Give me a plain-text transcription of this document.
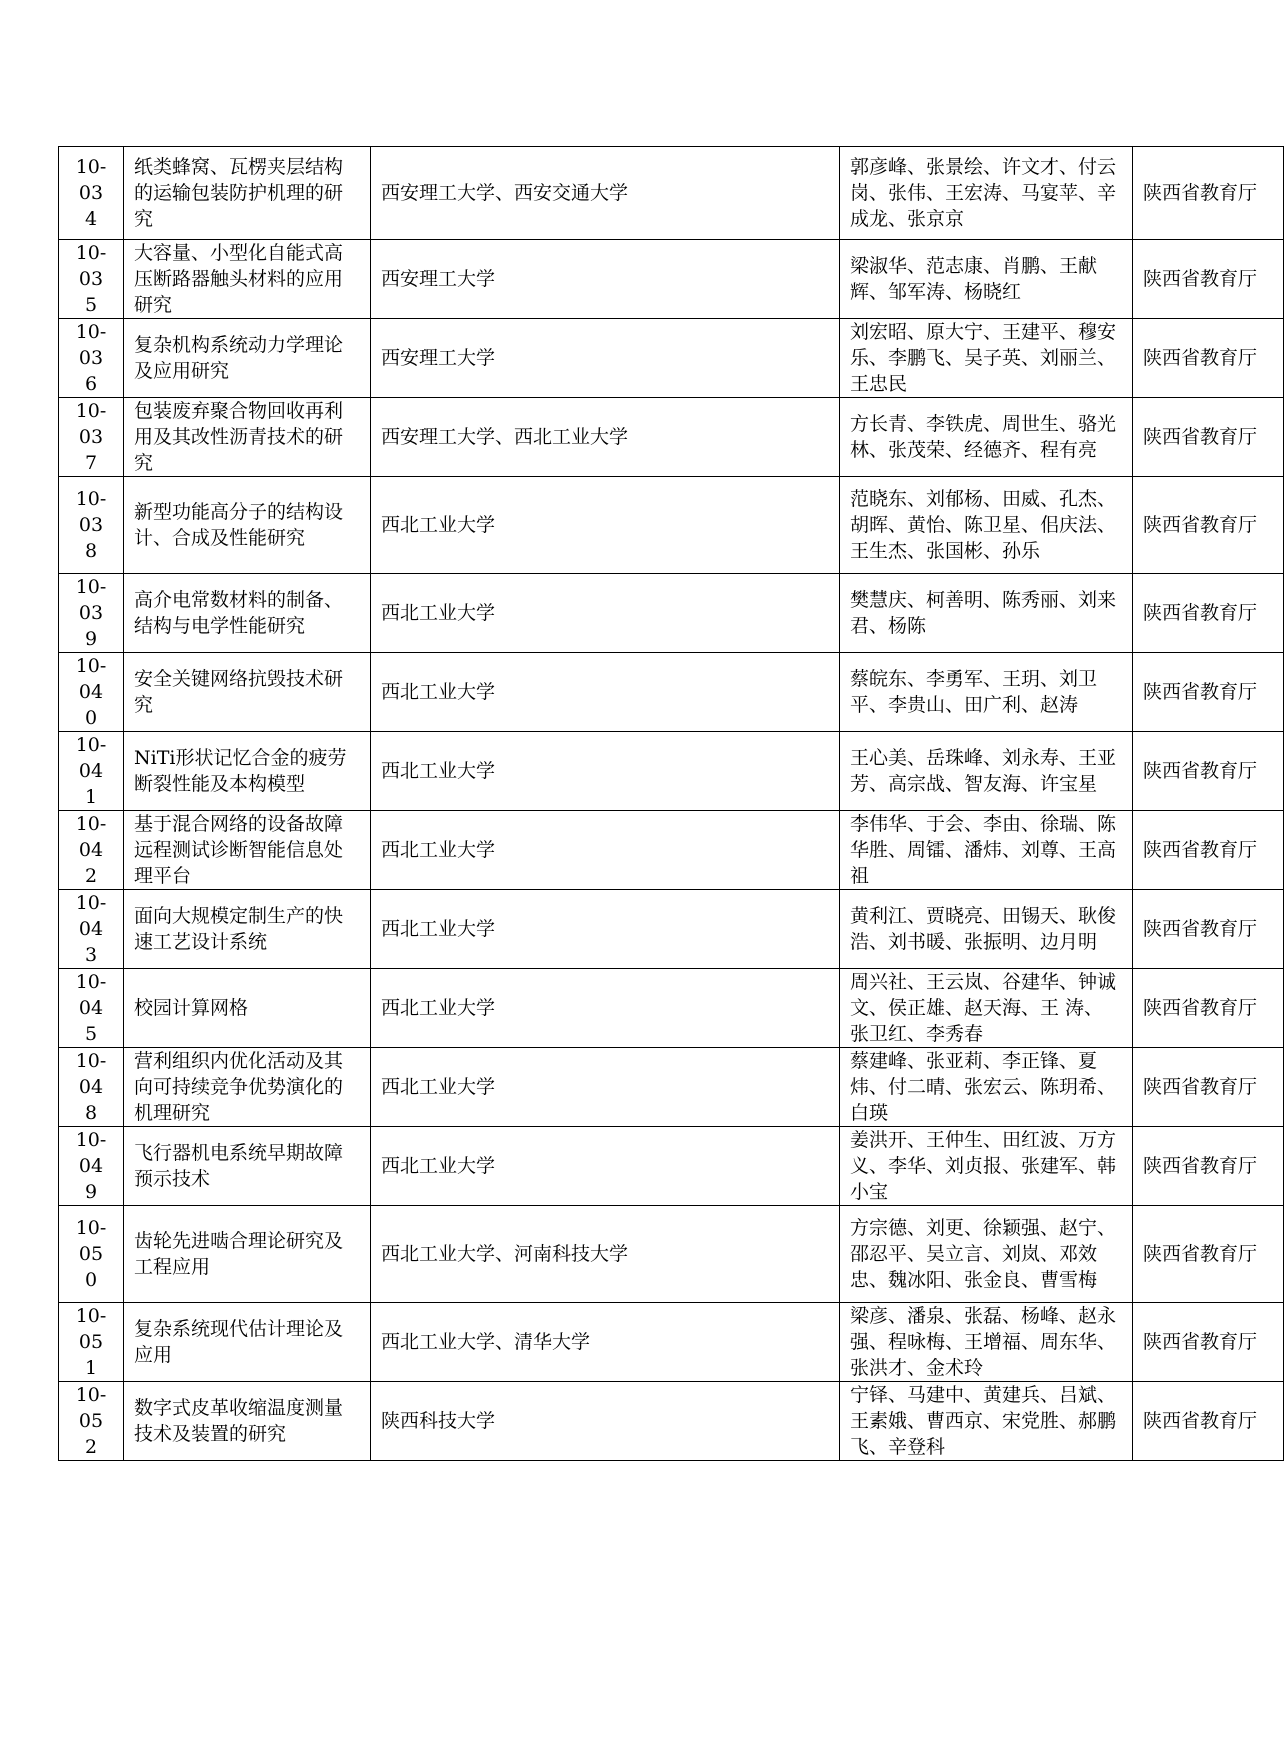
10-
03
4	纸类蜂窝、瓦楞夹层结构的运输包装防护机理的研究	西安理工大学、西安交通大学	郭彦峰、张景绘、许文才、付云岗、张伟、王宏涛、马宴苹、辛成龙、张京京	陕西省教育厅

10-
03
5	大容量、小型化自能式高压断路器触头材料的应用研究	西安理工大学	梁淑华、范志康、肖鹏、王献辉、邹军涛、杨晓红	陕西省教育厅

10-
03
6	复杂机构系统动力学理论及应用研究	西安理工大学	刘宏昭、原大宁、王建平、穆安乐、李鹏飞、吴子英、刘丽兰、王忠民	陕西省教育厅

10-
03
7	包装废弃聚合物回收再利用及其改性沥青技术的研究	西安理工大学、西北工业大学	方长青、李铁虎、周世生、骆光林、张茂荣、经德齐、程有亮	陕西省教育厅

10-
03
8	新型功能高分子的结构设计、合成及性能研究	西北工业大学	范晓东、刘郁杨、田威、孔杰、胡晖、黄怡、陈卫星、佀庆法、王生杰、张国彬、孙乐	陕西省教育厅

10-
03
9	高介电常数材料的制备、结构与电学性能研究	西北工业大学	樊慧庆、柯善明、陈秀丽、刘来君、杨陈	陕西省教育厅

10-
04
0	安全关键网络抗毁技术研究	西北工业大学	蔡皖东、李勇军、王玥、刘卫平、李贵山、田广利、赵涛	陕西省教育厅

10-
04
1	NiTi形状记忆合金的疲劳断裂性能及本构模型	西北工业大学	王心美、岳珠峰、刘永寿、王亚芳、高宗战、智友海、许宝星	陕西省教育厅

10-
04
2	基于混合网络的设备故障远程测试诊断智能信息处理平台	西北工业大学	李伟华、于会、李由、徐瑞、陈华胜、周镭、潘炜、刘尊、王高祖	陕西省教育厅

10-
04
3	面向大规模定制生产的快速工艺设计系统	西北工业大学	黄利江、贾晓亮、田锡天、耿俊浩、刘书暖、张振明、边月明	陕西省教育厅

10-
04
5	校园计算网格	西北工业大学	周兴社、王云岚、谷建华、钟诚文、侯正雄、赵天海、王 涛、张卫红、李秀春	陕西省教育厅

10-
04
8	营利组织内优化活动及其向可持续竞争优势演化的机理研究	西北工业大学	蔡建峰、张亚莉、李正锋、夏炜、付二晴、张宏云、陈玥希、白瑛	陕西省教育厅

10-
04
9	飞行器机电系统早期故障预示技术	西北工业大学	姜洪开、王仲生、田红波、万方义、李华、刘贞报、张建军、韩小宝	陕西省教育厅

10-
05
0	齿轮先进啮合理论研究及工程应用	西北工业大学、河南科技大学	方宗德、刘更、徐颖强、赵宁、邵忍平、吴立言、刘岚、邓效忠、魏冰阳、张金良、曹雪梅	陕西省教育厅

10-
05
1	复杂系统现代估计理论及应用	西北工业大学、清华大学	梁彦、潘泉、张磊、杨峰、赵永强、程咏梅、王增福、周东华、张洪才、金术玲	陕西省教育厅

10-
05
2	数字式皮革收缩温度测量技术及装置的研究	陕西科技大学	宁铎、马建中、黄建兵、吕斌、王素娥、曹西京、宋党胜、郝鹏飞、辛登科	陕西省教育厅
